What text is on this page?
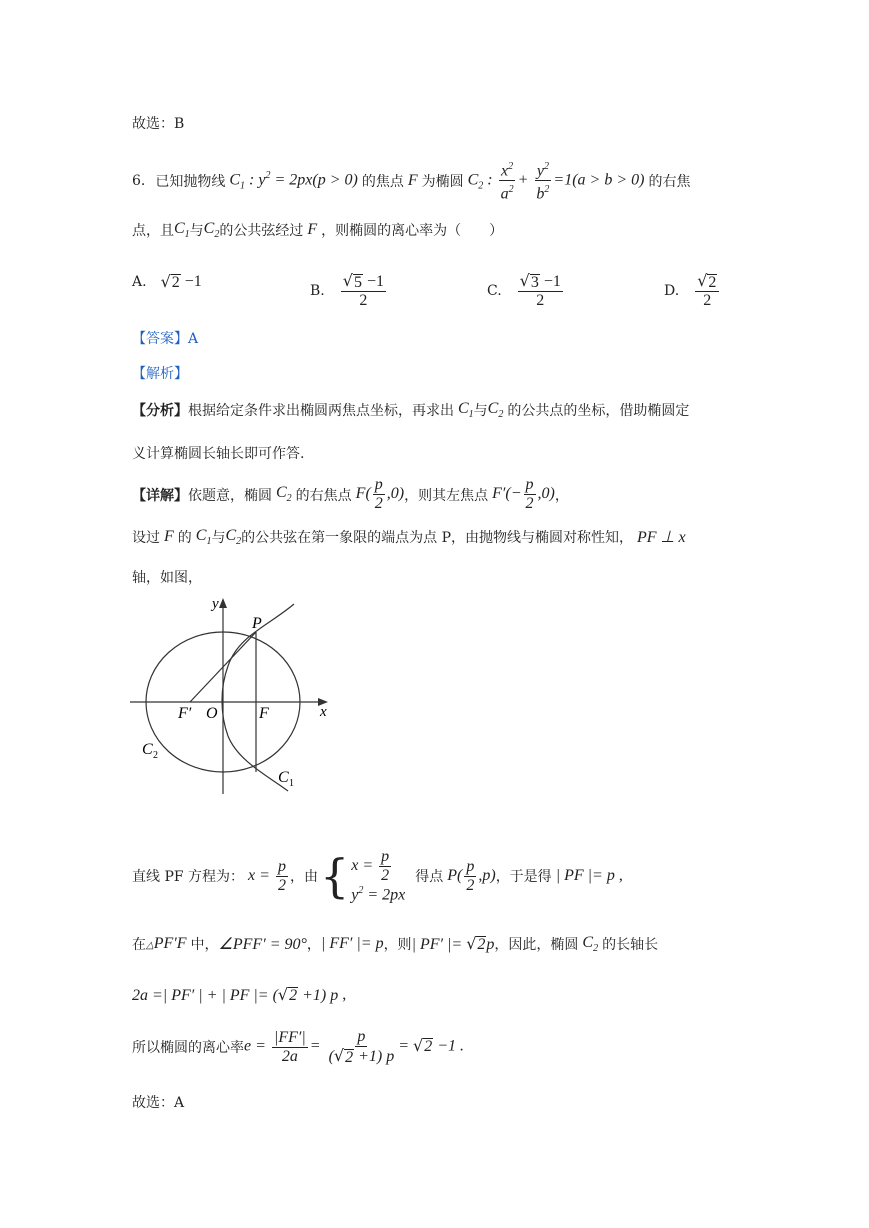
故选：B
6. 已知抛物线 $C_1$ : $y^2 = 2px(p > 0)$ 的焦点 F 为椭圆 $C_2$ : $\frac{x^2}{a^2} + \frac{y^2}{b^2} =1(a > b > 0)$ 的右焦
点，且 $C_1$ 与 $C_2$ 的公共弦经过 F ，则椭圆的离心率为（　　）
A. √ 2 −1
B. $\frac{√ 5 -1}{2}$	C. $\frac{√ 3 -1}{2}$	D. $\frac{√ 2}{2}$
【答案】A
【解析】
【分析】 根据给定条件求出椭圆两焦点坐标，再求出 $C_1$ 与 $C_2$ 的公共点的坐标，借助椭圆定
义计算椭圆长轴长即可作答.
【详解】 依题意，椭圆 $C_2$ 的右焦点 $F( \frac{p}{2} ,0)$ ，则其左焦点 $F'(- \frac{p}{2} ,0)$ ，
设过 F 的 $C_1$ 与 $C_2$ 的公共弦在第一象限的端点为点 P，由抛物线与椭圆对称性知， PF ⊥ x
轴，如图，
y
x
P
F
F′ O
C 2
C 1
直线 PF 方程为： $x = \frac{p}{2}$ ，由 { $x = \frac{p}{2}$
$y^2 = 2px$
得点 $P( \frac{p}{2} ,p)$ ，于是得 | PF |= p ,
在 △PF′F 中， ∠PFF′ = 90° ， | FF′ |= p ，则 | PF′ |= √ 2 p ，因此，椭圆 $C_2$ 的长轴长
2a =| PF′ | + | PF |= ( √ 2 +1) p ,
所以椭圆的离心率 $e = \frac{|FF'|}{2a} = \frac{p}{( √ 2 +1) p}$ = √ 2 −1 .
故选：A
